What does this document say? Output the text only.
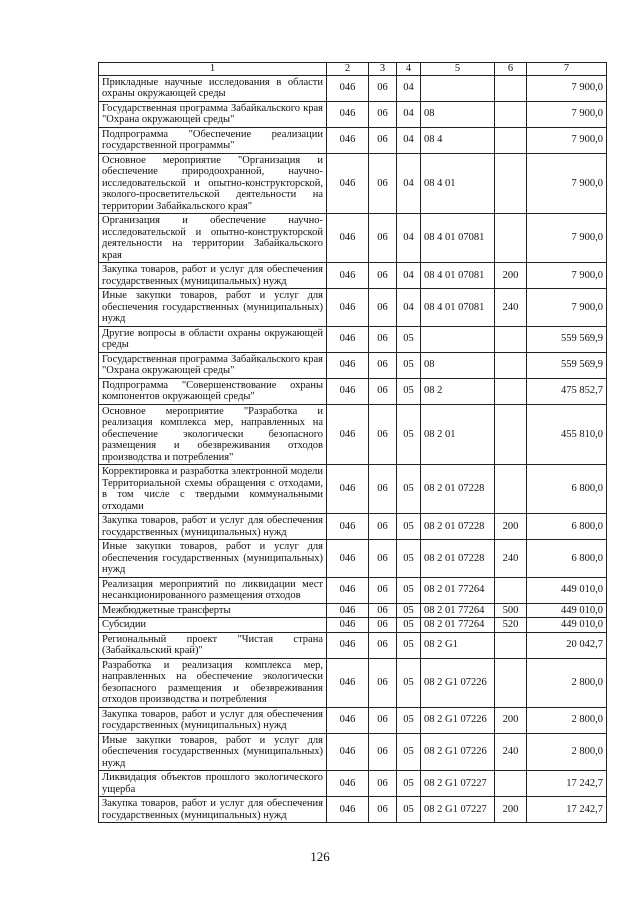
1	2	3	4	5	6	7
Прикладные научные исследования в области охраны окружающей среды	046	06	04			7 900,0
Государственная программа Забайкальского края "Охрана окружающей среды"	046	06	04	08		7 900,0
Подпрограмма "Обеспечение реализации государственной программы"	046	06	04	08 4		7 900,0
Основное мероприятие "Организация и обеспечение природоохранной, научно-исследовательской и опытно-конструкторской, эколого-просветительской деятельности на территории Забайкальского края"	046	06	04	08 4 01		7 900,0
Организация и обеспечение научно-исследовательской и опытно-конструкторской деятельности на территории Забайкальского края	046	06	04	08 4 01 07081		7 900,0
Закупка товаров, работ и услуг для обеспечения государственных (муниципальных) нужд	046	06	04	08 4 01 07081	200	7 900,0
Иные закупки товаров, работ и услуг для обеспечения государственных (муниципальных) нужд	046	06	04	08 4 01 07081	240	7 900,0
Другие вопросы в области охраны окружающей среды	046	06	05			559 569,9
Государственная программа Забайкальского края "Охрана окружающей среды"	046	06	05	08		559 569,9
Подпрограмма "Совершенствование охраны компонентов окружающей среды"	046	06	05	08 2		475 852,7
Основное мероприятие "Разработка и реализация комплекса мер, направленных на обеспечение экологически безопасного размещения и обезвреживания отходов производства и потребления"	046	06	05	08 2 01		455 810,0
Корректировка и разработка электронной модели Территориальной схемы обращения с отходами, в том числе с твердыми коммунальными отходами	046	06	05	08 2 01 07228		6 800,0
Закупка товаров, работ и услуг для обеспечения государственных (муниципальных) нужд	046	06	05	08 2 01 07228	200	6 800,0
Иные закупки товаров, работ и услуг для обеспечения государственных (муниципальных) нужд	046	06	05	08 2 01 07228	240	6 800,0
Реализация мероприятий по ликвидации мест несанкционированного размещения отходов	046	06	05	08 2 01 77264		449 010,0
Межбюджетные трансферты	046	06	05	08 2 01 77264	500	449 010,0
Субсидии	046	06	05	08 2 01 77264	520	449 010,0
Региональный проект "Чистая страна (Забайкальский край)"	046	06	05	08 2 G1		20 042,7
Разработка и реализация комплекса мер, направленных на обеспечение экологически безопасного размещения и обезвреживания отходов производства и потребления	046	06	05	08 2 G1 07226		2 800,0
Закупка товаров, работ и услуг для обеспечения государственных (муниципальных) нужд	046	06	05	08 2 G1 07226	200	2 800,0
Иные закупки товаров, работ и услуг для обеспечения государственных (муниципальных) нужд	046	06	05	08 2 G1 07226	240	2 800,0
Ликвидация объектов прошлого экологического ущерба	046	06	05	08 2 G1 07227		17 242,7
Закупка товаров, работ и услуг для обеспечения государственных (муниципальных) нужд	046	06	05	08 2 G1 07227	200	17 242,7
126
